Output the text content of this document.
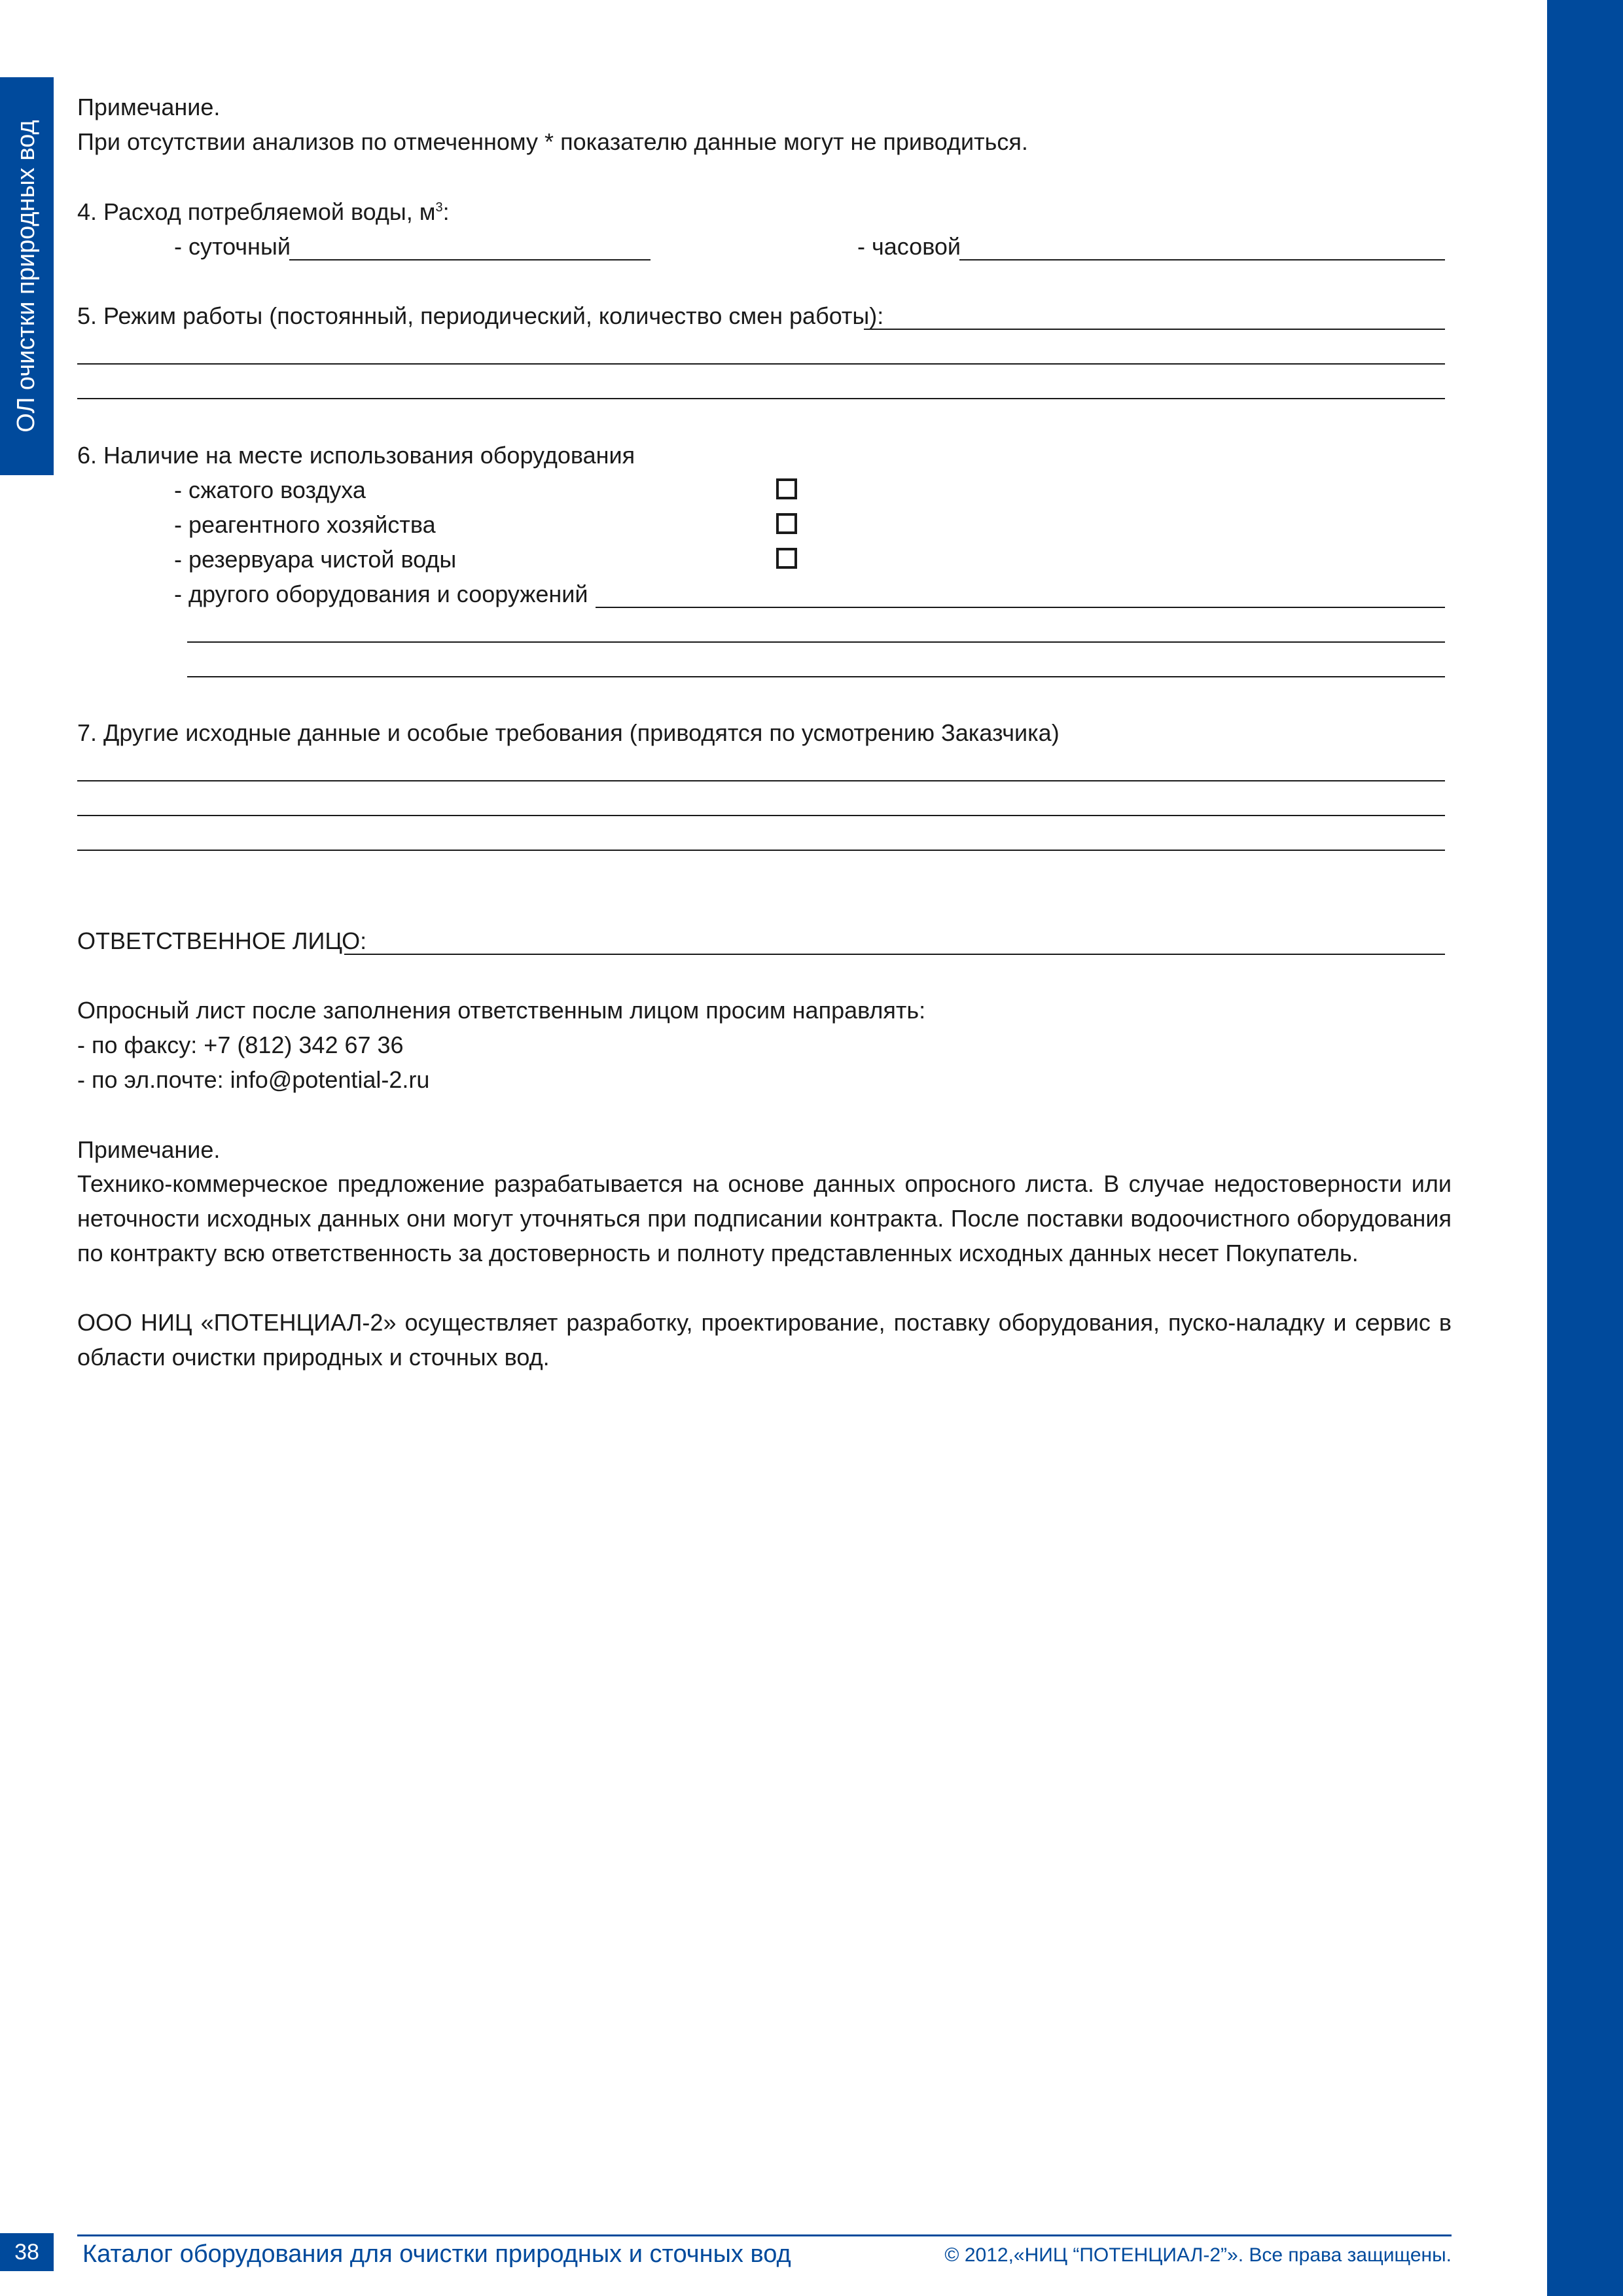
ОЛ очистки природных вод
Примечание.
При отсутствии анализов по отмеченному * показателю данные могут не приводиться.
4. Расход потребляемой воды, $м^3$:
- суточный	- часовой
5. Режим работы (постоянный, периодический, количество смен работы):
6. Наличие на месте использования оборудования
- сжатого воздуха
- реагентного хозяйства
- резервуара чистой воды
- другого оборудования и сооружений
7. Другие исходные данные и особые требования (приводятся по усмотрению Заказчика)
ОТВЕТСТВЕННОЕ ЛИЦО:
Опросный лист после заполнения ответственным лицом просим направлять:
- по факсу: +7 (812) 342 67 36
- по эл.почте: info@potential-2.ru
Примечание.
Технико-коммерческое предложение разрабатывается на основе данных опросного листа. В случае недостоверности или неточности исходных данных они могут уточняться при подписании контракта. После поставки водоочистного оборудования по контракту всю ответственность за достоверность и полноту представленных исходных данных несет Покупатель.
ООО НИЦ «ПОТЕНЦИАЛ-2» осуществляет разработку, проектирование, поставку оборудования, пуско-наладку и сервис в области очистки природных и сточных вод.
38	Каталог оборудования для очистки природных и сточных вод	© 2012,«НИЦ “ПОТЕНЦИАЛ-2”». Все права защищены.
